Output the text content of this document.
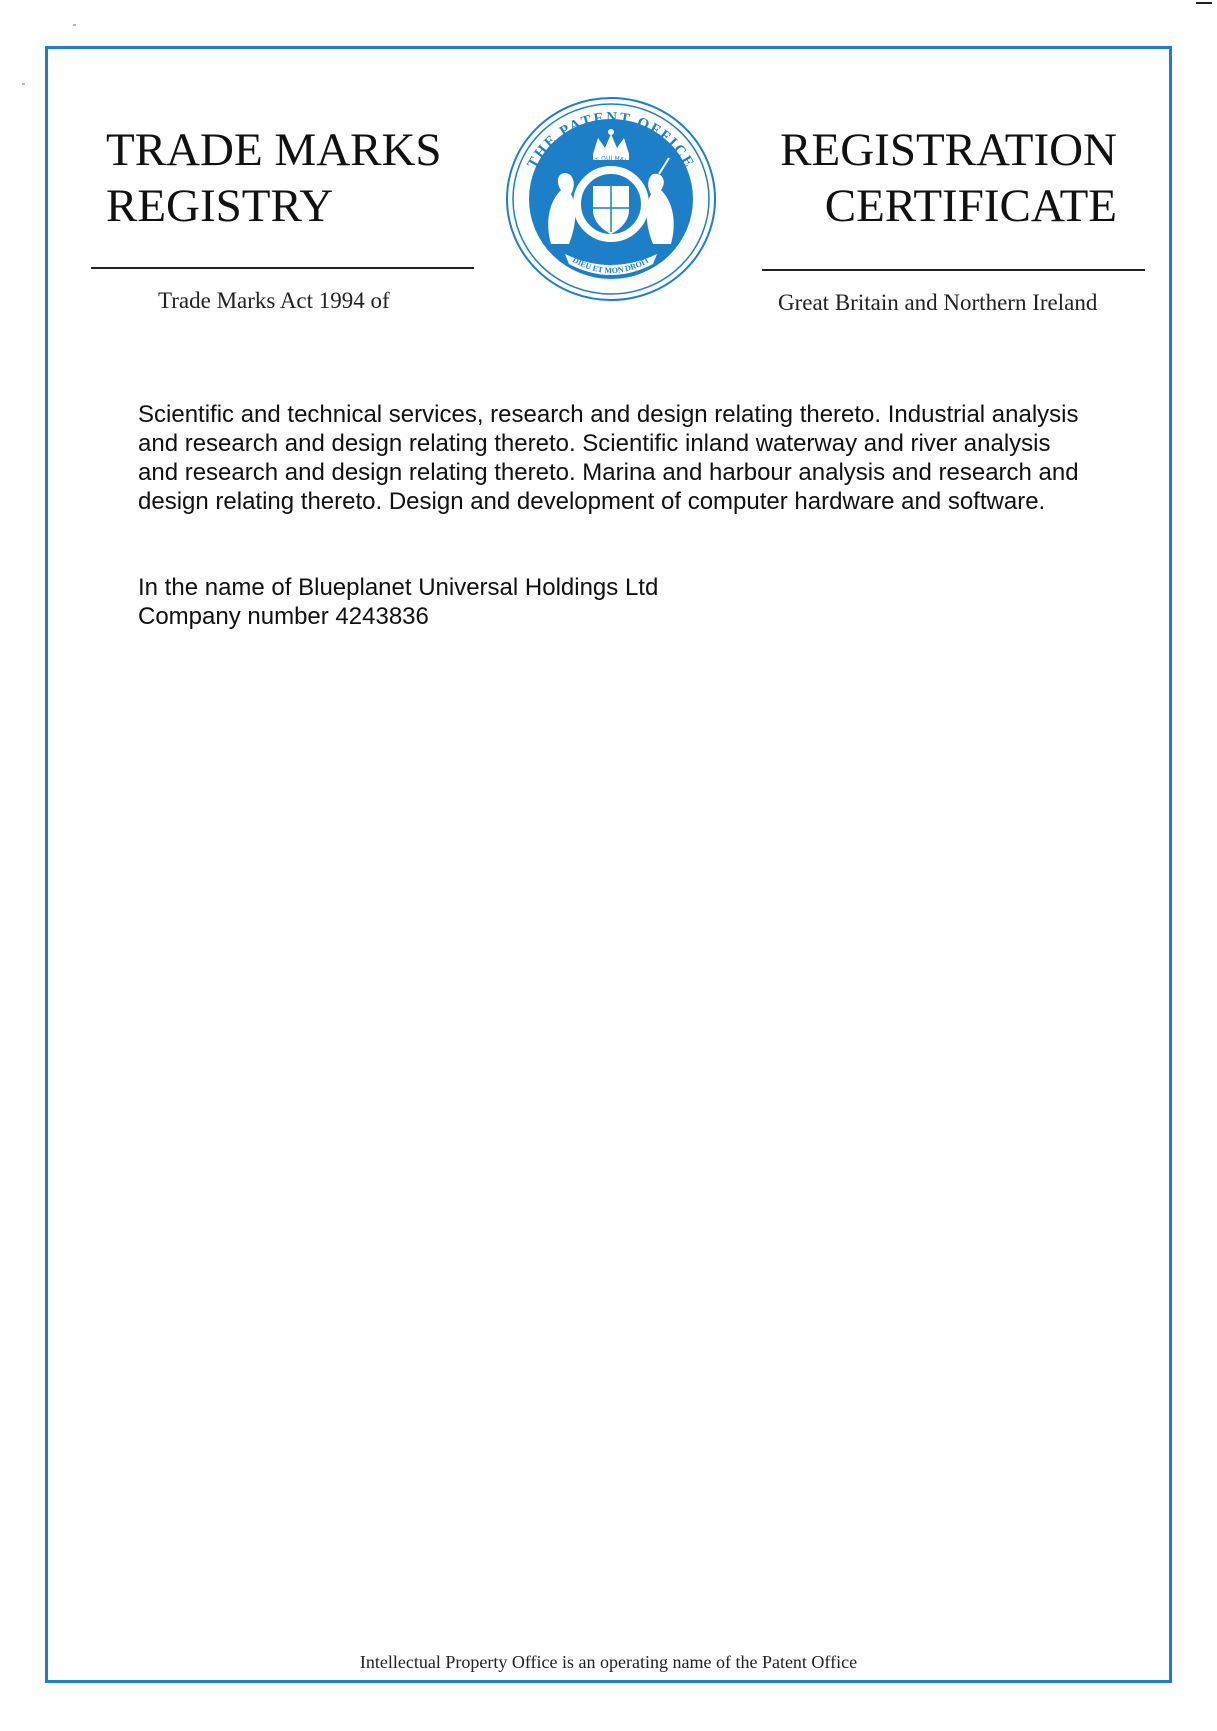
TRADE MARKS
REGISTRY
REGISTRATION
CERTIFICATE
Trade Marks Act 1994 of	Great Britain and Northern Ireland
THE PATENT OFFICE
HONI SOIT QUI MAL Y PENSE
DIEU ET MON DROIT

Scientific and technical services, research and design relating thereto. Industrial analysis and research and design relating thereto. Scientific inland waterway and river analysis and research and design relating thereto. Marina and harbour analysis and research and design relating thereto. Design and development of computer hardware and software.

In the name of Blueplanet Universal Holdings Ltd
Company number 4243836
Intellectual Property Office is an operating name of the Patent Office
